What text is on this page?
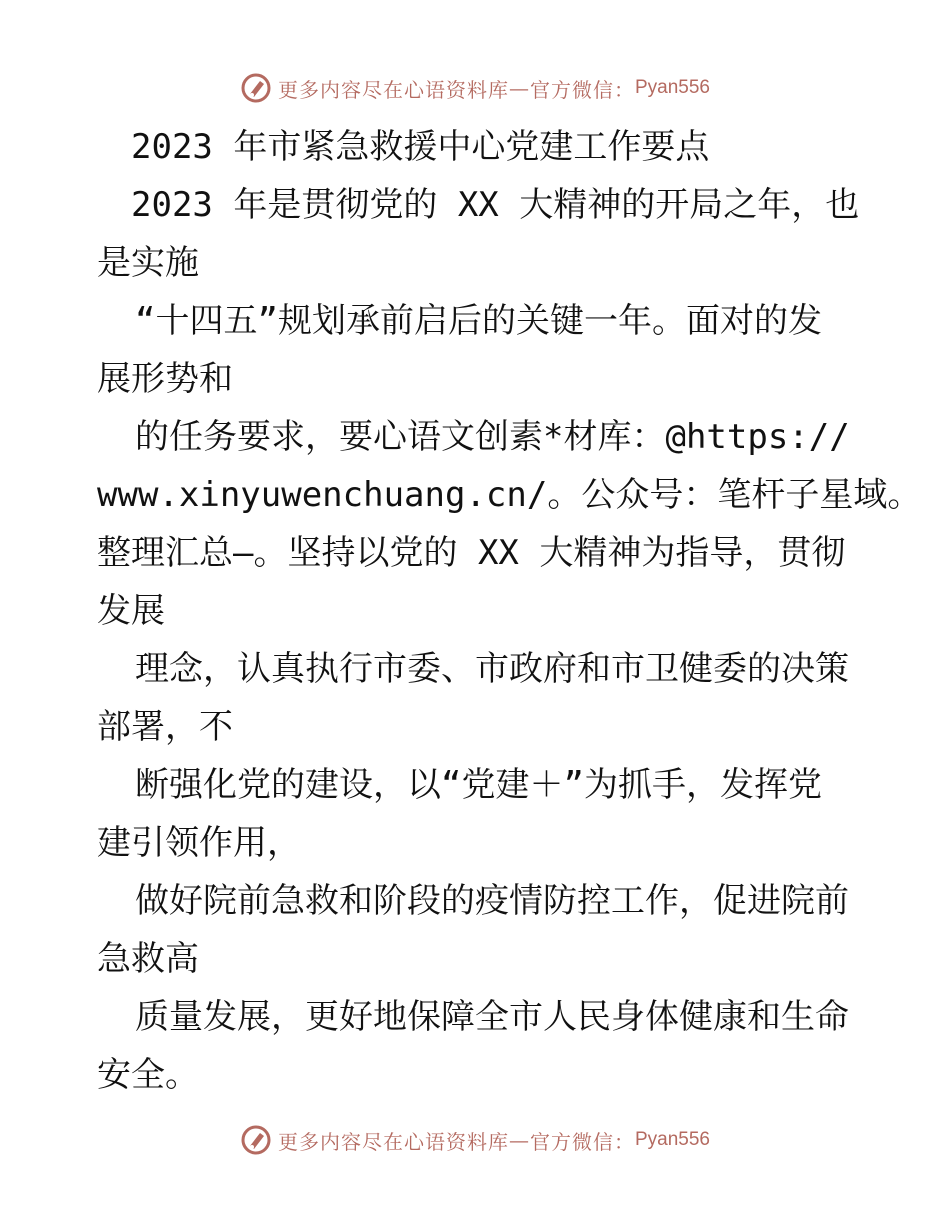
更多内容尽在心语资料库 — 官方微信： Pyan556
2023 年市紧急救援中心党建工作要点
2023 年是贯彻党的 XX 大精神的开局之年，也
是实施
“十四五”规划承前启后的关键一年。面对的发
展形势和
的任务要求，要心语文创素*材库：@https://
www.xinyuwenchuang.cn/。公众号：笔杆子星域。
整理汇总—。坚持以党的 XX 大精神为指导，贯彻
发展
理念，认真执行市委、市政府和市卫健委的决策
部署，不
断强化党的建设，以“党建＋”为抓手，发挥党
建引领作用，
做好院前急救和阶段的疫情防控工作，促进院前
急救高
质量发展，更好地保障全市人民身体健康和生命
安全。
更多内容尽在心语资料库 — 官方微信： Pyan556
